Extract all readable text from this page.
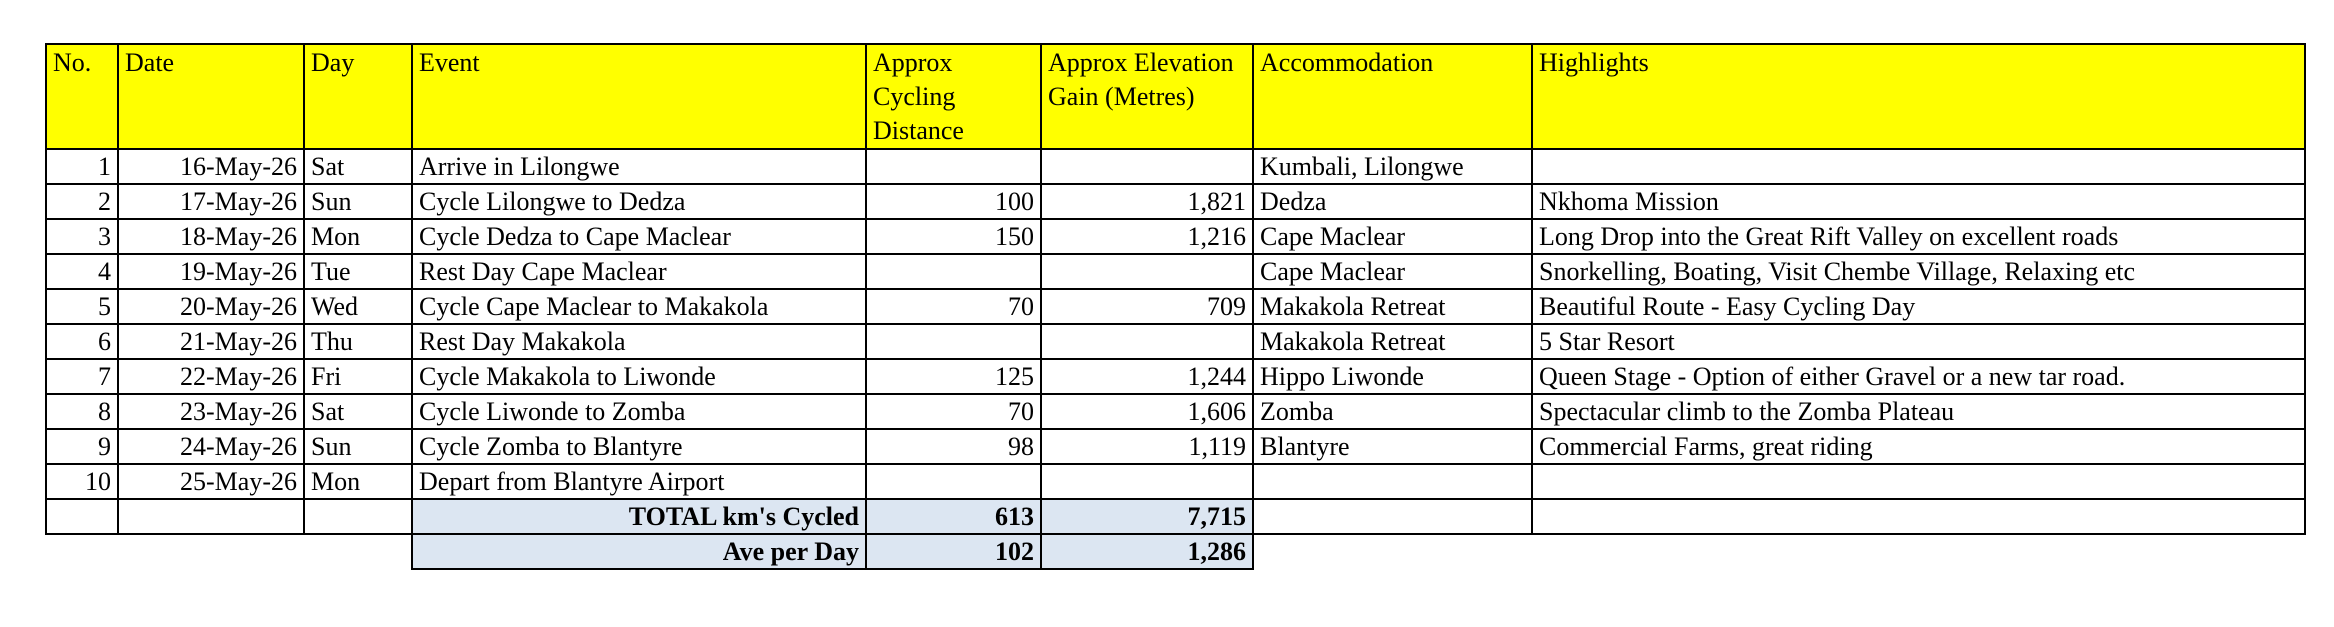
No.	Date	Day	Event	Approx Cycling Distance	Approx Elevation Gain (Metres)	Accommodation	Highlights
1	16-May-26	Sat	Arrive in Lilongwe			Kumbali, Lilongwe	
2	17-May-26	Sun	Cycle Lilongwe to Dedza	100	1,821	Dedza	Nkhoma Mission
3	18-May-26	Mon	Cycle Dedza to Cape Maclear	150	1,216	Cape Maclear	Long Drop into the Great Rift Valley on excellent roads
4	19-May-26	Tue	Rest Day Cape Maclear			Cape Maclear	Snorkelling, Boating, Visit Chembe Village, Relaxing etc
5	20-May-26	Wed	Cycle Cape Maclear to Makakola	70	709	Makakola Retreat	Beautiful Route - Easy Cycling Day
6	21-May-26	Thu	Rest Day Makakola			Makakola Retreat	5 Star Resort
7	22-May-26	Fri	Cycle Makakola to Liwonde	125	1,244	Hippo Liwonde	Queen Stage - Option of either Gravel or a new tar road.
8	23-May-26	Sat	Cycle Liwonde to Zomba	70	1,606	Zomba	Spectacular climb to the Zomba Plateau
9	24-May-26	Sun	Cycle Zomba to Blantyre	98	1,119	Blantyre	Commercial Farms, great riding
10	25-May-26	Mon	Depart from Blantyre Airport				
			TOTAL km's Cycled	613	7,715		
			Ave per Day	102	1,286		
